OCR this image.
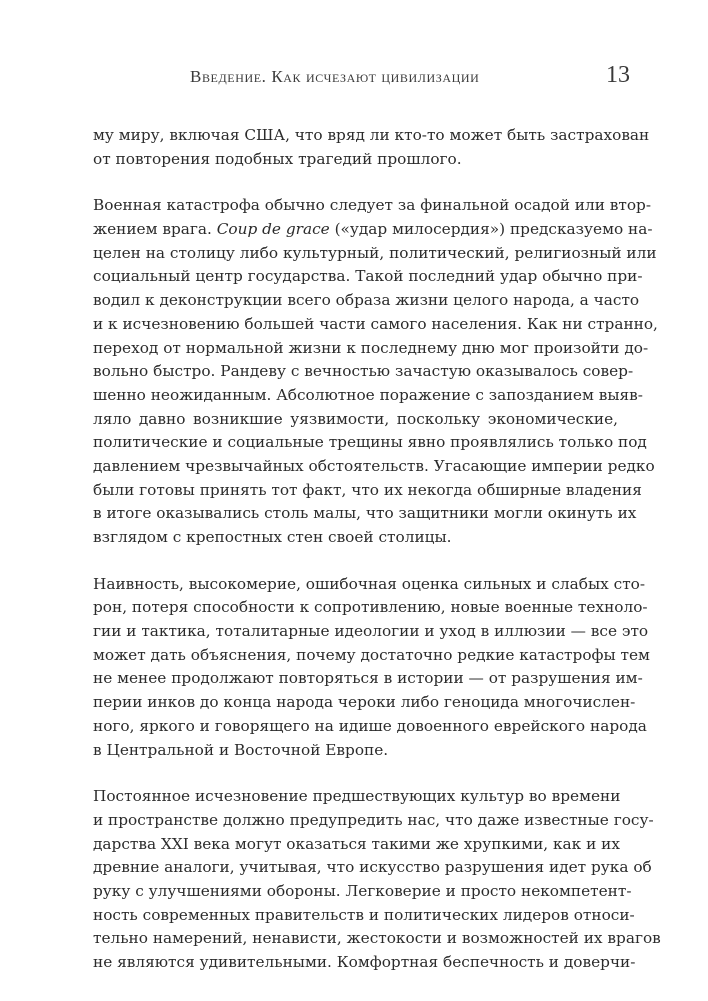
Введение. Как исчезают цивилизации	13
му миру, включая США, что вряд ли кто-то может быть застрахован
от повторения подобных трагедий прошлого.
Военная катастрофа обычно следует за финальной осадой или втор-
жением врага. Coup de grace («удар милосердия») предсказуемо на-
целен на столицу либо культурный, политический, религиозный или
социальный центр государства. Такой последний удар обычно при-
водил к деконструкции всего образа жизни целого народа, а часто
и к исчезновению большей части самого населения. Как ни странно,
переход от нормальной жизни к последнему дню мог произойти до-
вольно быстро. Рандеву с вечностью зачастую оказывалось совер-
шенно неожиданным. Абсолютное поражение с запозданием выяв-
ляло давно возникшие уязвимости, поскольку экономические,
политические и социальные трещины явно проявлялись только под
давлением чрезвычайных обстоятельств. Угасающие империи редко
были готовы принять тот факт, что их некогда обширные владения
в итоге оказывались столь малы, что защитники могли окинуть их
взглядом с крепостных стен своей столицы.
Наивность, высокомерие, ошибочная оценка сильных и слабых сто-
рон, потеря способности к сопротивлению, новые военные техноло-
гии и тактика, тоталитарные идеологии и уход в иллюзии — все это
может дать объяснения, почему достаточно редкие катастрофы тем
не менее продолжают повторяться в истории — от разрушения им-
перии инков до конца народа чероки либо геноцида многочислен-
ного, яркого и говорящего на идише довоенного еврейского народа
в Центральной и Восточной Европе.
Постоянное исчезновение предшествующих культур во времени
и пространстве должно предупредить нас, что даже известные госу-
дарства XXI века могут оказаться такими же хрупкими, как и их
древние аналоги, учитывая, что искусство разрушения идет рука об
руку с улучшениями обороны. Легковерие и просто некомпетент-
ность современных правительств и политических лидеров относи-
тельно намерений, ненависти, жестокости и возможностей их врагов
не являются удивительными. Комфортная беспечность и доверчи-
